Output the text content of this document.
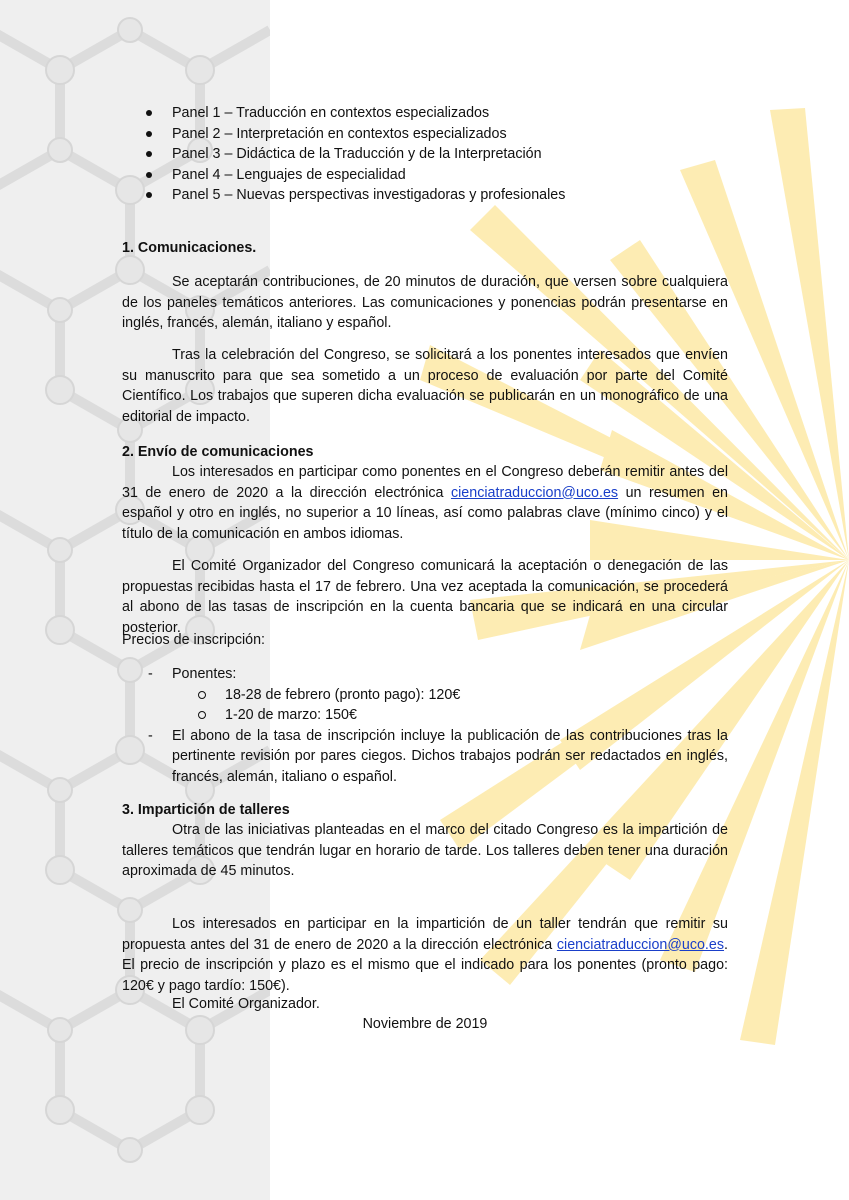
Panel 1 – Traducción en contextos especializados
Panel 2 – Interpretación en contextos especializados
Panel 3 – Didáctica de la Traducción y de la Interpretación
Panel 4 – Lenguajes de especialidad
Panel 5 – Nuevas perspectivas investigadoras y profesionales
1. Comunicaciones.

Se aceptarán contribuciones, de 20 minutos de duración, que versen sobre cualquiera de los paneles temáticos anteriores. Las comunicaciones y ponencias podrán presentarse en inglés, francés, alemán, italiano y español.

Tras la celebración del Congreso, se solicitará a los ponentes interesados que envíen su manuscrito para que sea sometido a un proceso de evaluación por parte del Comité Científico. Los trabajos que superen dicha evaluación se publicarán en un monográfico de una editorial de impacto.

2. Envío de comunicaciones

Los interesados en participar como ponentes en el Congreso deberán remitir antes del 31 de enero de 2020 a la dirección electrónica cienciatraduccion@uco.es un resumen en español y otro en inglés, no superior a 10 líneas, así como palabras clave (mínimo cinco) y el título de la comunicación en ambos idiomas.

El Comité Organizador del Congreso comunicará la aceptación o denegación de las propuestas recibidas hasta el 17 de febrero. Una vez aceptada la comunicación, se procederá al abono de las tasas de inscripción en la cuenta bancaria que se indicará en una circular posterior.

Precios de inscripción:

- Ponentes:
18-28 de febrero (pronto pago): 120€
1-20 de marzo: 150€
- El abono de la tasa de inscripción incluye la publicación de las contribuciones tras la pertinente revisión por pares ciegos. Dichos trabajos podrán ser redactados en inglés, francés, alemán, italiano o español.
3. Impartición de talleres

Otra de las iniciativas planteadas en el marco del citado Congreso es la impartición de talleres temáticos que tendrán lugar en horario de tarde. Los talleres deben tener una duración aproximada de 45 minutos.

Los interesados en participar en la impartición de un taller tendrán que remitir su propuesta antes del 31 de enero de 2020 a la dirección electrónica cienciatraduccion@uco.es. El precio de inscripción y plazo es el mismo que el indicado para los ponentes (pronto pago: 120€ y pago tardío: 150€).

El Comité Organizador.

Noviembre de 2019
